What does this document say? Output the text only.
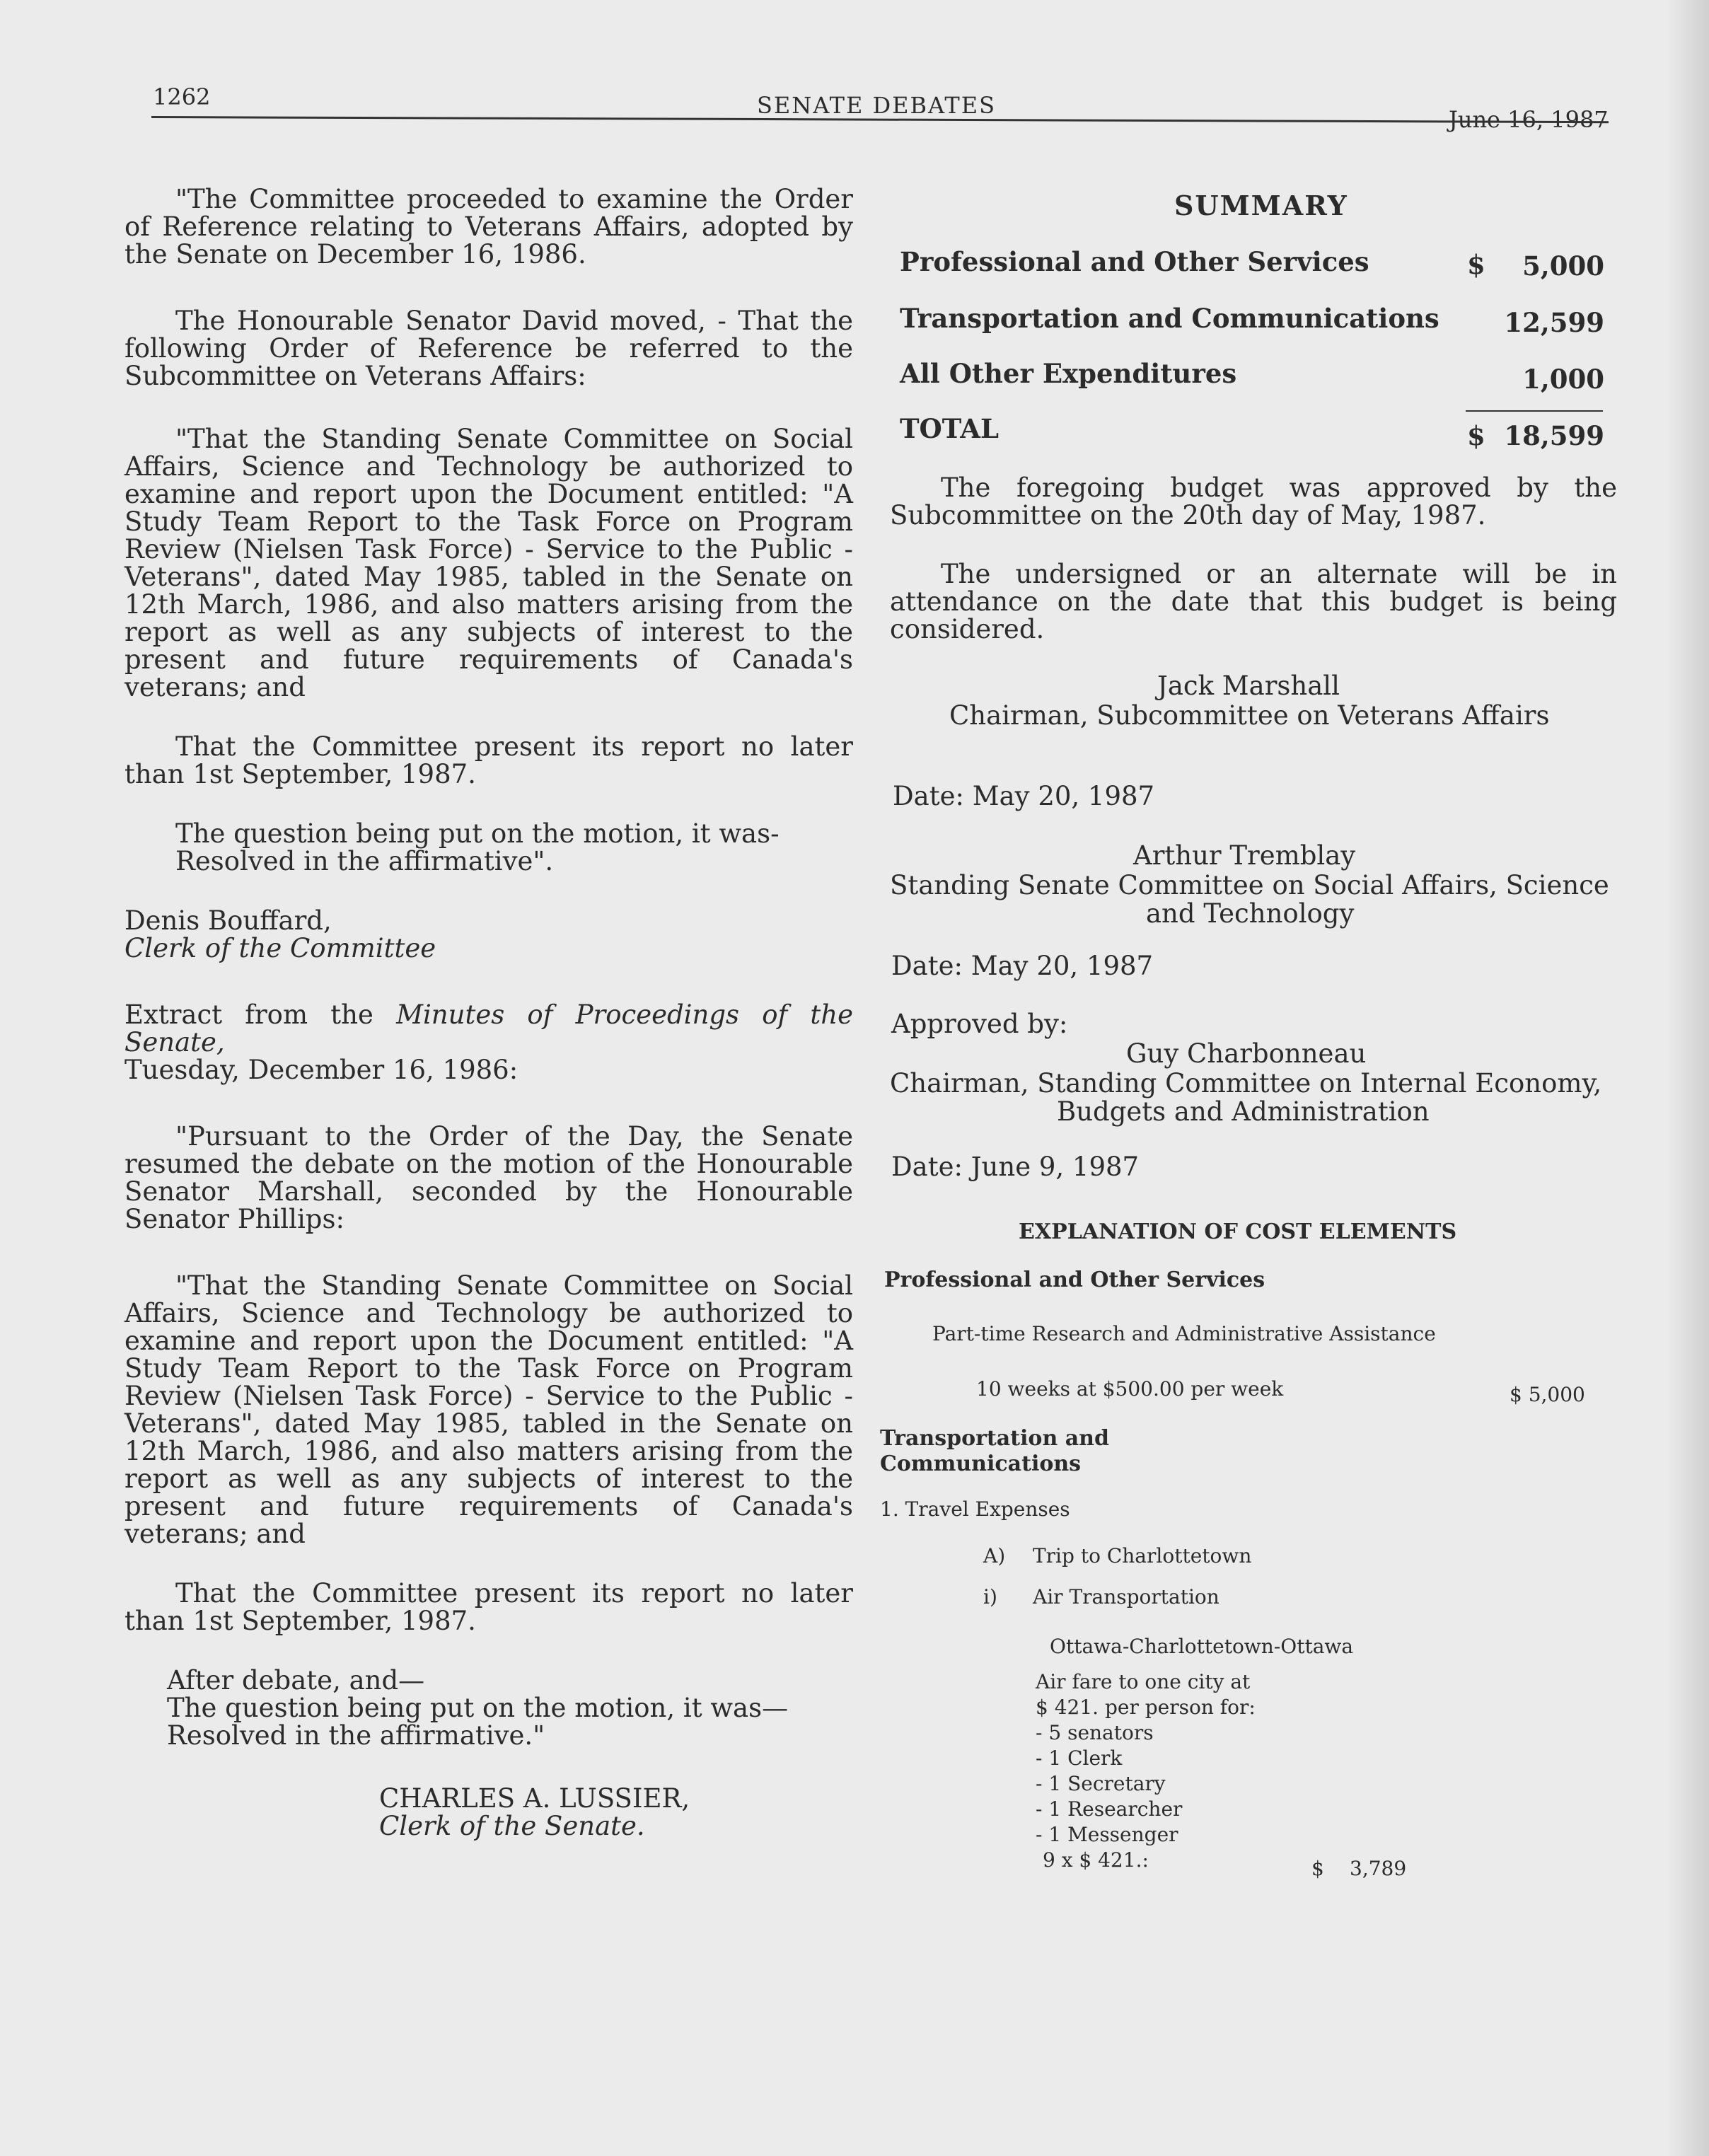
1262	SENATE DEBATES
June 16, 1987

"The Committee proceeded to examine the Order of Reference relating to Veterans Affairs, adopted by the Senate on December 16, 1986.

The Honourable Senator David moved, - That the following Order of Reference be referred to the Subcommittee on Veterans Affairs:

"That the Standing Senate Committee on Social Affairs, Science and Technology be authorized to examine and report upon the Document entitled: "A Study Team Report to the Task Force on Program Review (Nielsen Task Force) - Service to the Public - Veterans", dated May 1985, tabled in the Senate on 12th March, 1986, and also matters arising from the report as well as any subjects of interest to the present and future requirements of Canada's veterans; and

That the Committee present its report no later than 1st September, 1987.

The question being put on the motion, it was-
Resolved in the affirmative".

Denis Bouffard,

Clerk of the Committee

Extract from the Minutes of Proceedings of the Senate,
Tuesday, December 16, 1986:

"Pursuant to the Order of the Day, the Senate resumed the debate on the motion of the Honourable Senator Marshall, seconded by the Honourable Senator Phillips:

"That the Standing Senate Committee on Social Affairs, Science and Technology be authorized to examine and report upon the Document entitled: "A Study Team Report to the Task Force on Program Review (Nielsen Task Force) - Service to the Public - Veterans", dated May 1985, tabled in the Senate on 12th March, 1986, and also matters arising from the report as well as any subjects of interest to the present and future requirements of Canada's veterans; and

That the Committee present its report no later than 1st September, 1987.

After debate, and—
The question being put on the motion, it was—
Resolved in the affirmative."

CHARLES A. LUSSIER,

Clerk of the Senate.

SUMMARY
Professional and Other Services	$ 5,000
Transportation and Communications 12,599
All Other Expenditures	1,000
TOTAL	$ 18,599
The foregoing budget was approved by the Subcommittee on the 20th day of May, 1987.
The undersigned or an alternate will be in attendance on the date that this budget is being considered.
Jack Marshall
Chairman, Subcommittee on Veterans Affairs
Date: May 20, 1987
Arthur Tremblay
Standing Senate Committee on Social Affairs, Science
and Technology
Date: May 20, 1987
Approved by:
Guy Charbonneau
Chairman, Standing Committee on Internal Economy,
Budgets and Administration
Date: June 9, 1987
EXPLANATION OF COST ELEMENTS
Professional and Other Services
Part-time Research and Administrative Assistance
10 weeks at $500.00 per week	$ 5,000
Transportation and
Communications
1. Travel Expenses
A) Trip to Charlottetown
i) Air Transportation
Ottawa-Charlottetown-Ottawa
Air fare to one city at
$ 421. per person for:
- 5 senators
- 1 Clerk
- 1 Secretary
- 1 Researcher
- 1 Messenger
9 x $ 421.:	$ 3,789
